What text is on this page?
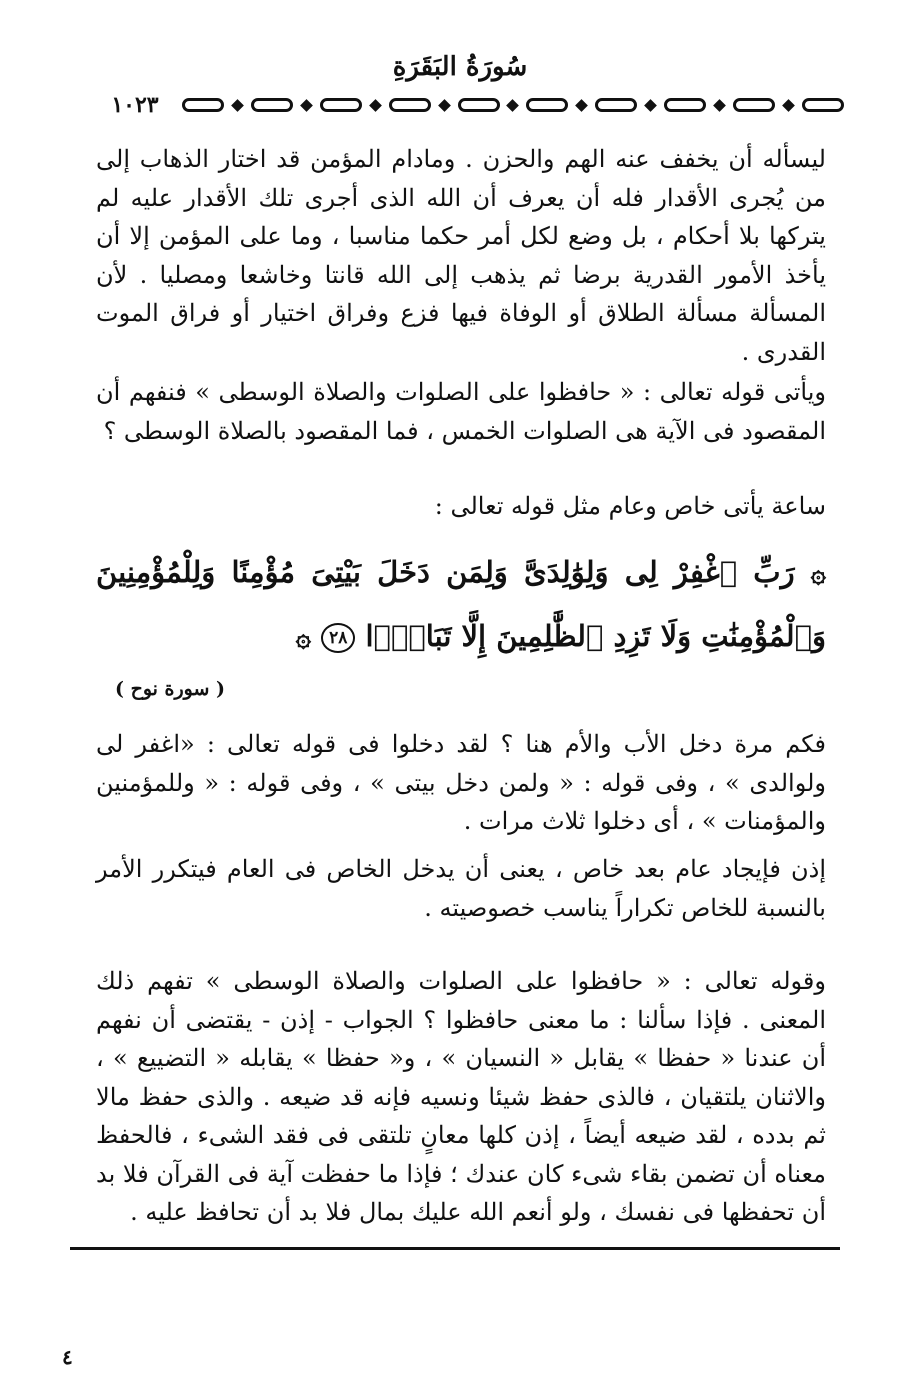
سُورَةُ البَقَرَةِ
١٠٢٣

ليسأله أن يخفف عنه الهم والحزن . ومادام المؤمن قد اختار الذهاب إلى من يُجرى الأقدار فله أن يعرف أن الله الذى أجرى تلك الأقدار عليه لم يتركها بلا أحكام ، بل وضع لكل أمر حكما مناسبا ، وما على المؤمن إلا أن يأخذ الأمور القدرية برضا ثم يذهب إلى الله قانتا وخاشعا ومصليا . لأن المسألة مسألة الطلاق أو الوفاة فيها فزع وفراق اختيار أو فراق الموت القدرى .

ويأتى قوله تعالى : « حافظوا على الصلوات والصلاة الوسطى » فنفهم أن المقصود فى الآية هى الصلوات الخمس ، فما المقصود بالصلاة الوسطى ؟

ساعة يأتى خاص وعام مثل قوله تعالى :

۞ رَبِّ ٱغْفِرْ لِى وَلِوَٰلِدَىَّ وَلِمَن دَخَلَ بَيْتِىَ مُؤْمِنًا وَلِلْمُؤْمِنِينَ وَٱلْمُؤْمِنَٰتِ وَلَا تَزِدِ ٱلظَّٰلِمِينَ إِلَّا تَبَارًۢا ٢٨ ۞
( سورة نوح )

فكم مرة دخل الأب والأم هنا ؟ لقد دخلوا فى قوله تعالى : «اغفر لى ولوالدى » ، وفى قوله : « ولمن دخل بيتى » ، وفى قوله : « وللمؤمنين والمؤمنات » ، أى دخلوا ثلاث مرات .

إذن فإيجاد عام بعد خاص ، يعنى أن يدخل الخاص فى العام فيتكرر الأمر بالنسبة للخاص تكراراً يناسب خصوصيته .

وقوله تعالى : « حافظوا على الصلوات والصلاة الوسطى » تفهم ذلك المعنى . فإذا سألنا : ما معنى حافظوا ؟ الجواب - إذن - يقتضى أن نفهم أن عندنا « حفظا » يقابل « النسيان » ، و« حفظا » يقابله « التضييع » ، والاثنان يلتقيان ، فالذى حفظ شيئا ونسيه فإنه قد ضيعه . والذى حفظ مالا ثم بدده ، لقد ضيعه أيضاً ، إذن كلها معانٍ تلتقى فى فقد الشىء ، فالحفظ معناه أن تضمن بقاء شىء كان عندك ؛ فإذا ما حفظت آية فى القرآن فلا بد أن تحفظها فى نفسك ، ولو أنعم الله عليك بمال فلا بد أن تحافظ عليه .

٤
